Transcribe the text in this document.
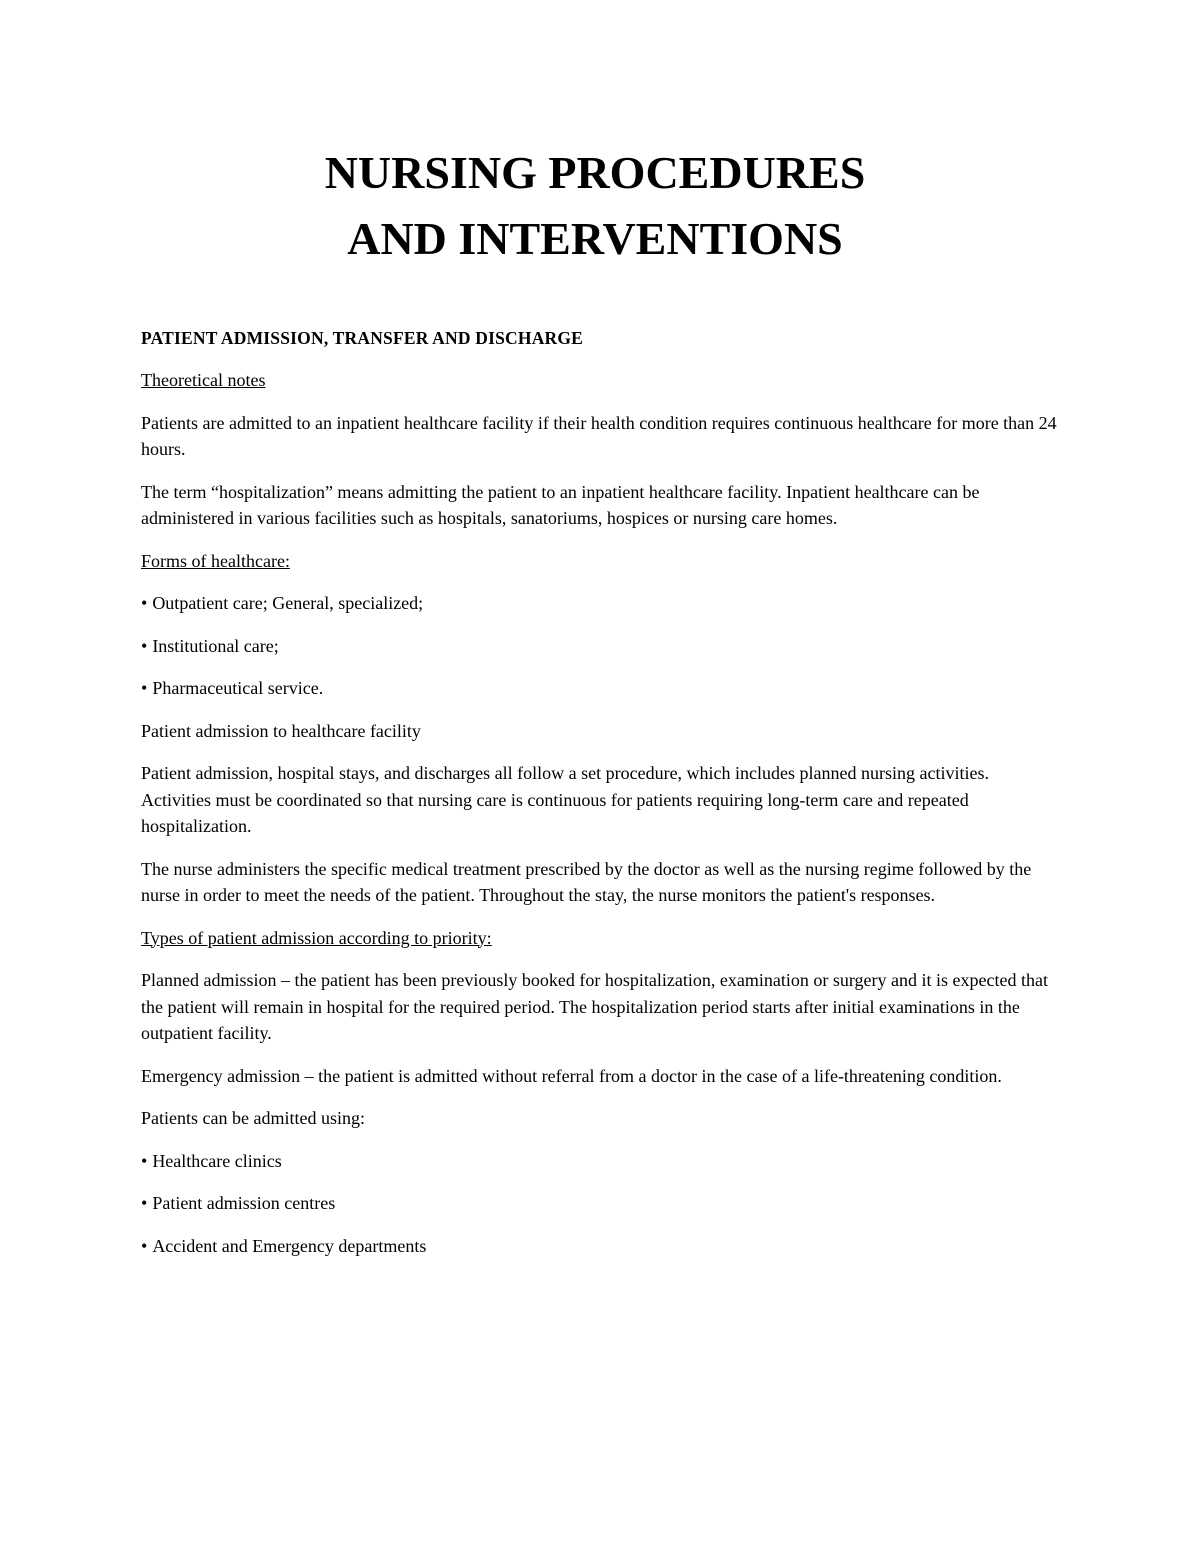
NURSING PROCEDURES
AND INTERVENTIONS
PATIENT ADMISSION, TRANSFER AND DISCHARGE

Theoretical notes

Patients are admitted to an inpatient healthcare facility if their health condition requires continuous healthcare for more than 24 hours.

The term “hospitalization” means admitting the patient to an inpatient healthcare facility. Inpatient healthcare can be administered in various facilities such as hospitals, sanatoriums, hospices or nursing care homes.

Forms of healthcare:

• Outpatient care; General, specialized;
• Institutional care;
• Pharmaceutical service.

Patient admission to healthcare facility

Patient admission, hospital stays, and discharges all follow a set procedure, which includes planned nursing activities. Activities must be coordinated so that nursing care is continuous for patients requiring long-term care and repeated hospitalization.

The nurse administers the specific medical treatment prescribed by the doctor as well as the nursing regime followed by the nurse in order to meet the needs of the patient. Throughout the stay, the nurse monitors the patient's responses.

Types of patient admission according to priority:

Planned admission – the patient has been previously booked for hospitalization, examination or surgery and it is expected that the patient will remain in hospital for the required period. The hospitalization period starts after initial examinations in the outpatient facility.

Emergency admission – the patient is admitted without referral from a doctor in the case of a life-threatening condition.

Patients can be admitted using:

• Healthcare clinics
• Patient admission centres
• Accident and Emergency departments
